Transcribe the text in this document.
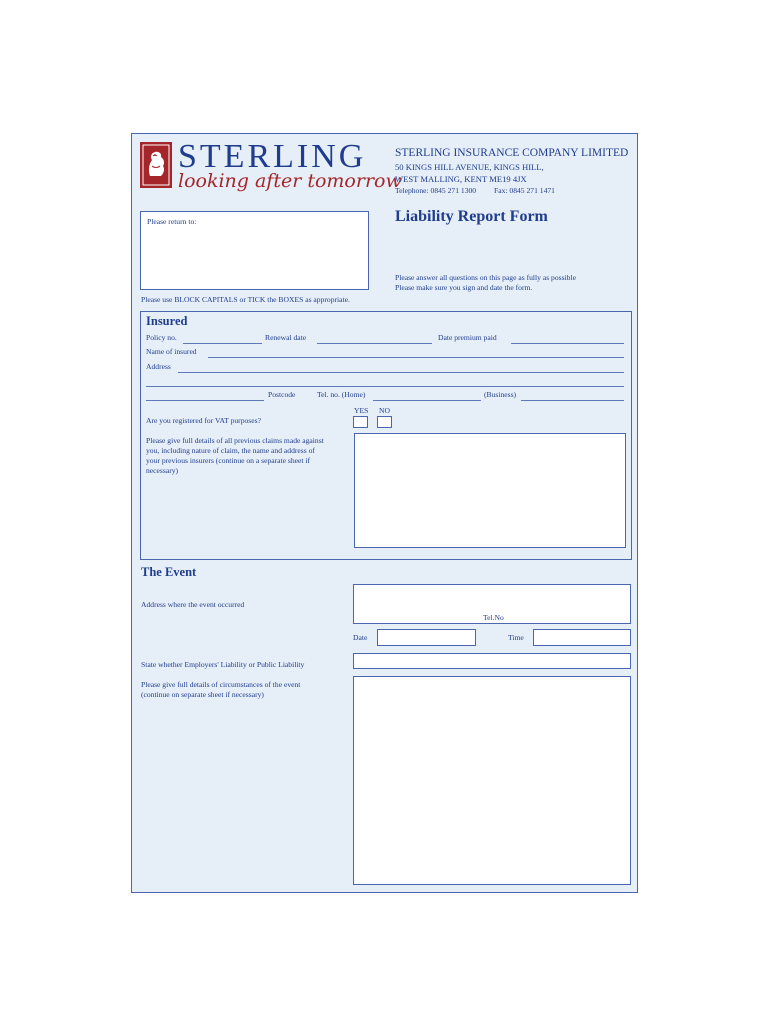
STERLING
looking after tomorrow
STERLING INSURANCE COMPANY LIMITED
50 KINGS HILL AVENUE, KINGS HILL,
WEST MALLING, KENT ME19 4JX
Telephone: 0845 271 1300 Fax: 0845 271 1471
Liability Report Form
Please return to:
Please answer all questions on this page as fully as possible
Please make sure you sign and date the form.
Please use BLOCK CAPITALS or TICK the BOXES as appropriate.
Insured
Policy no.	Renewal date	Date premium paid
Name of insured
Address
Postcode	Tel. no. (Home)	(Business)
YES NO
Are you registered for VAT purposes?
Please give full details of all previous claims made against
you, including nature of claim, the name and address of
your previous insurers (continue on a separate sheet if
necessary)
The Event
Address where the event occurred
Tel.No
Date	Time
State whether Employers' Liability or Public Liability
Please give full details of circumstances of the event
(continue on separate sheet if necessary)
